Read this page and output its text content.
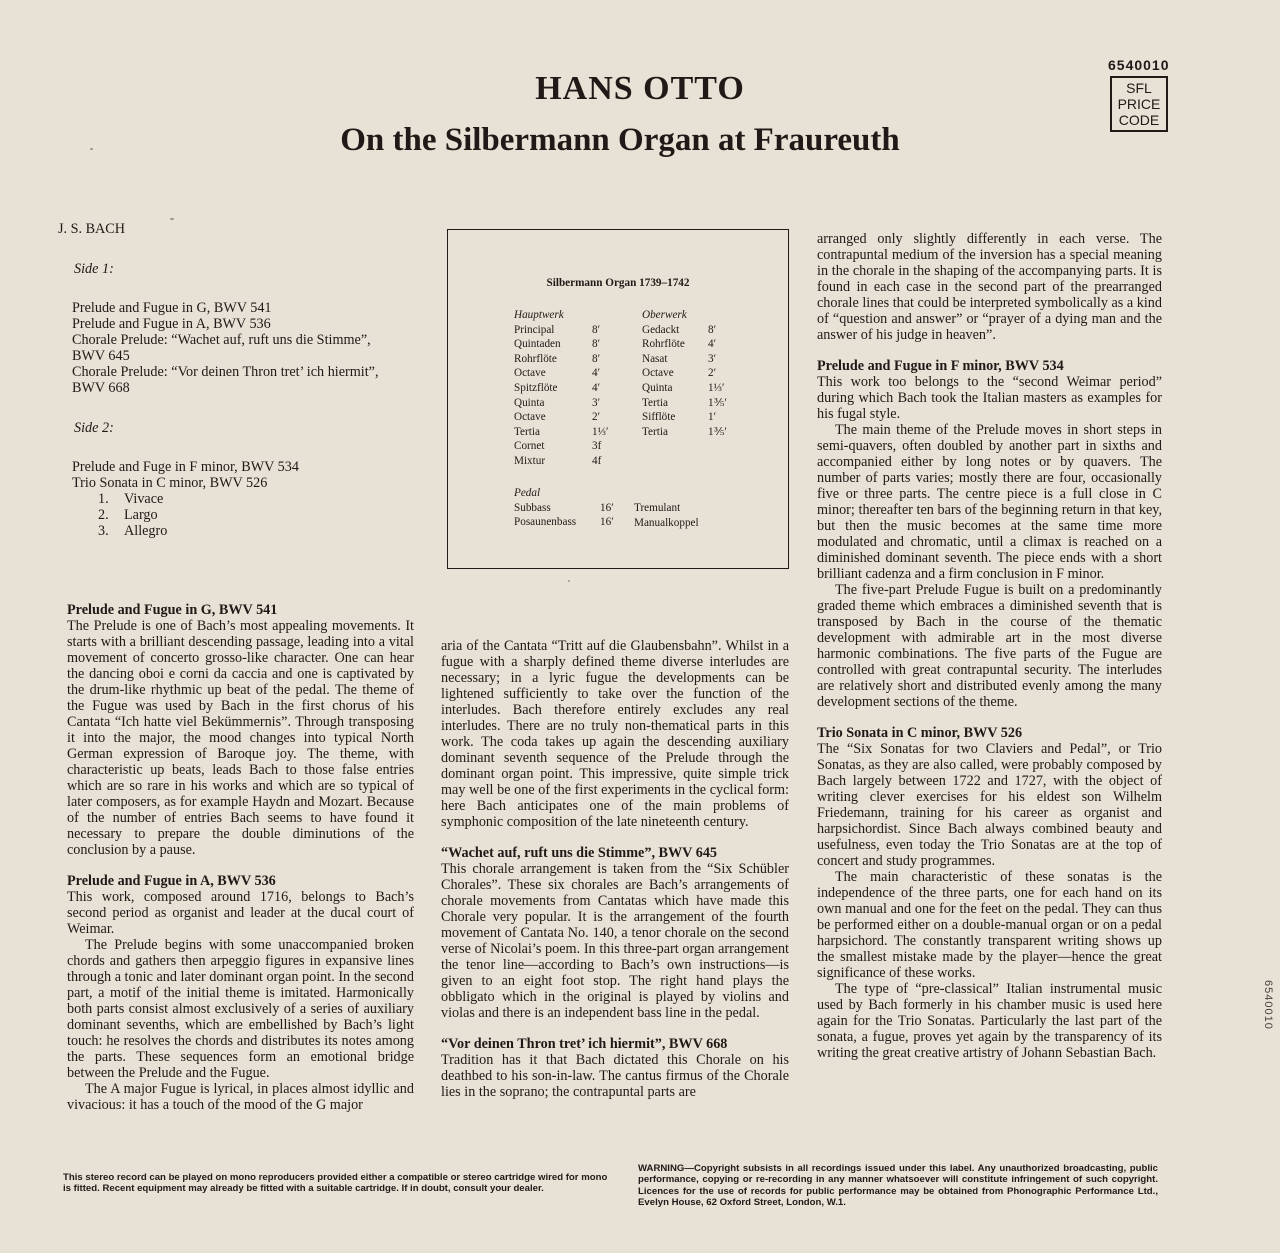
HANS OTTO
On the Silbermann Organ at Fraureuth
6540010
SFL
PRICE
CODE
J. S. BACH
Side 1:
Prelude and Fugue in G, BWV 541
Prelude and Fugue in A, BWV 536
Chorale Prelude: “Wachet auf, ruft uns die Stimme”,
BWV 645
Chorale Prelude: “Vor deinen Thron tret’ ich hiermit”,
BWV 668
Side 2:
Prelude and Fuge in F minor, BWV 534
Trio Sonata in C minor, BWV 526
1. Vivace
2. Largo
3. Allegro
Silbermann Organ 1739–1742
Hauptwerk
Principal	8′
Quintaden	8′
Rohrflöte	8′
Octave	4′
Spitzflöte	4′
Quinta	3′
Octave	2′
Tertia	1⅓′
Cornet	3f
Mixtur	4f
Oberwerk
Gedackt	8′
Rohrflöte 4′
Nasat	3′
Octave	2′
Quinta	1⅓′
Tertia	1⅗′
Sifflöte	1′
Tertia	1⅗′
Pedal
Subbass	16′
Posaunenbass 16′
Tremulant
Manualkoppel
Prelude and Fugue in G, BWV 541

The Prelude is one of Bach’s most appealing movements. It starts with a brilliant descending passage, leading into a vital movement of concerto grosso-like character. One can hear the dancing oboi e corni da caccia and one is captivated by the drum-like rhythmic up beat of the pedal. The theme of the Fugue was used by Bach in the first chorus of his Cantata “Ich hatte viel Bekümmernis”. Through transposing it into the major, the mood changes into typical North German expression of Baroque joy. The theme, with characteristic up beats, leads Bach to those false entries which are so rare in his works and which are so typical of later composers, as for example Haydn and Mozart. Because of the number of entries Bach seems to have found it necessary to prepare the double diminutions of the conclusion by a pause.

Prelude and Fugue in A, BWV 536

This work, composed around 1716, belongs to Bach’s second period as organist and leader at the ducal court of Weimar.

The Prelude begins with some unaccompanied broken chords and gathers then arpeggio figures in expansive lines through a tonic and later dominant organ point. In the second part, a motif of the initial theme is imitated. Harmonically both parts consist almost exclusively of a series of auxiliary dominant sevenths, which are embellished by Bach’s light touch: he resolves the chords and distributes its notes among the parts. These sequences form an emotional bridge between the Prelude and the Fugue.

The A major Fugue is lyrical, in places almost idyllic and vivacious: it has a touch of the mood of the G major

aria of the Cantata “Tritt auf die Glaubensbahn”. Whilst in a fugue with a sharply defined theme diverse interludes are necessary; in a lyric fugue the developments can be lightened sufficiently to take over the function of the interludes. Bach therefore entirely excludes any real interludes. There are no truly non-thematical parts in this work. The coda takes up again the descending auxiliary dominant seventh sequence of the Prelude through the dominant organ point. This impressive, quite simple trick may well be one of the first experiments in the cyclical form: here Bach anticipates one of the main problems of symphonic composition of the late nineteenth century.

“Wachet auf, ruft uns die Stimme”, BWV 645

This chorale arrangement is taken from the “Six Schübler Chorales”. These six chorales are Bach’s arrangements of chorale movements from Cantatas which have made this Chorale very popular. It is the arrangement of the fourth movement of Cantata No. 140, a tenor chorale on the second verse of Nicolai’s poem. In this three-part organ arrangement the tenor line—according to Bach’s own instructions—is given to an eight foot stop. The right hand plays the obbligato which in the original is played by violins and violas and there is an independent bass line in the pedal.

“Vor deinen Thron tret’ ich hiermit”, BWV 668

Tradition has it that Bach dictated this Chorale on his deathbed to his son-in-law. The cantus firmus of the Chorale lies in the soprano; the contrapuntal parts are

arranged only slightly differently in each verse. The contrapuntal medium of the inversion has a special meaning in the chorale in the shaping of the accompanying parts. It is found in each case in the second part of the prearranged chorale lines that could be interpreted symbolically as a kind of “question and answer” or “prayer of a dying man and the answer of his judge in heaven”.

Prelude and Fugue in F minor, BWV 534

This work too belongs to the “second Weimar period” during which Bach took the Italian masters as examples for his fugal style.

The main theme of the Prelude moves in short steps in semi-quavers, often doubled by another part in sixths and accompanied either by long notes or by quavers. The number of parts varies; mostly there are four, occasionally five or three parts. The centre piece is a full close in C minor; thereafter ten bars of the beginning return in that key, but then the music becomes at the same time more modulated and chromatic, until a climax is reached on a diminished dominant seventh. The piece ends with a short brilliant cadenza and a firm conclusion in F minor.

The five-part Prelude Fugue is built on a predominantly graded theme which embraces a diminished seventh that is transposed by Bach in the course of the thematic development with admirable art in the most diverse harmonic combinations. The five parts of the Fugue are controlled with great contrapuntal security. The interludes are relatively short and distributed evenly among the many development sections of the theme.

Trio Sonata in C minor, BWV 526

The “Six Sonatas for two Claviers and Pedal”, or Trio Sonatas, as they are also called, were probably composed by Bach largely between 1722 and 1727, with the object of writing clever exercises for his eldest son Wilhelm Friedemann, training for his career as organist and harpsichordist. Since Bach always combined beauty and usefulness, even today the Trio Sonatas are at the top of concert and study programmes.

The main characteristic of these sonatas is the independence of the three parts, one for each hand on its own manual and one for the feet on the pedal. They can thus be performed either on a double-manual organ or on a pedal harpsichord. The constantly transparent writing shows up the smallest mistake made by the player—hence the great significance of these works.

The type of “pre-classical” Italian instrumental music used by Bach formerly in his chamber music is used here again for the Trio Sonatas. Particularly the last part of the sonata, a fugue, proves yet again by the transparency of its writing the great creative artistry of Johann Sebastian Bach.

This stereo record can be played on mono reproducers provided either a compatible or stereo cartridge wired for mono is fitted. Recent equipment may already be fitted with a suitable cartridge. If in doubt, consult your dealer.
WARNING—Copyright subsists in all recordings issued under this label. Any unauthorized broadcasting, public performance, copying or re-recording in any manner whatsoever will constitute infringement of such copyright. Licences for the use of records for public performance may be obtained from Phonographic Performance Ltd., Evelyn House, 62 Oxford Street, London, W.1.
6540010
